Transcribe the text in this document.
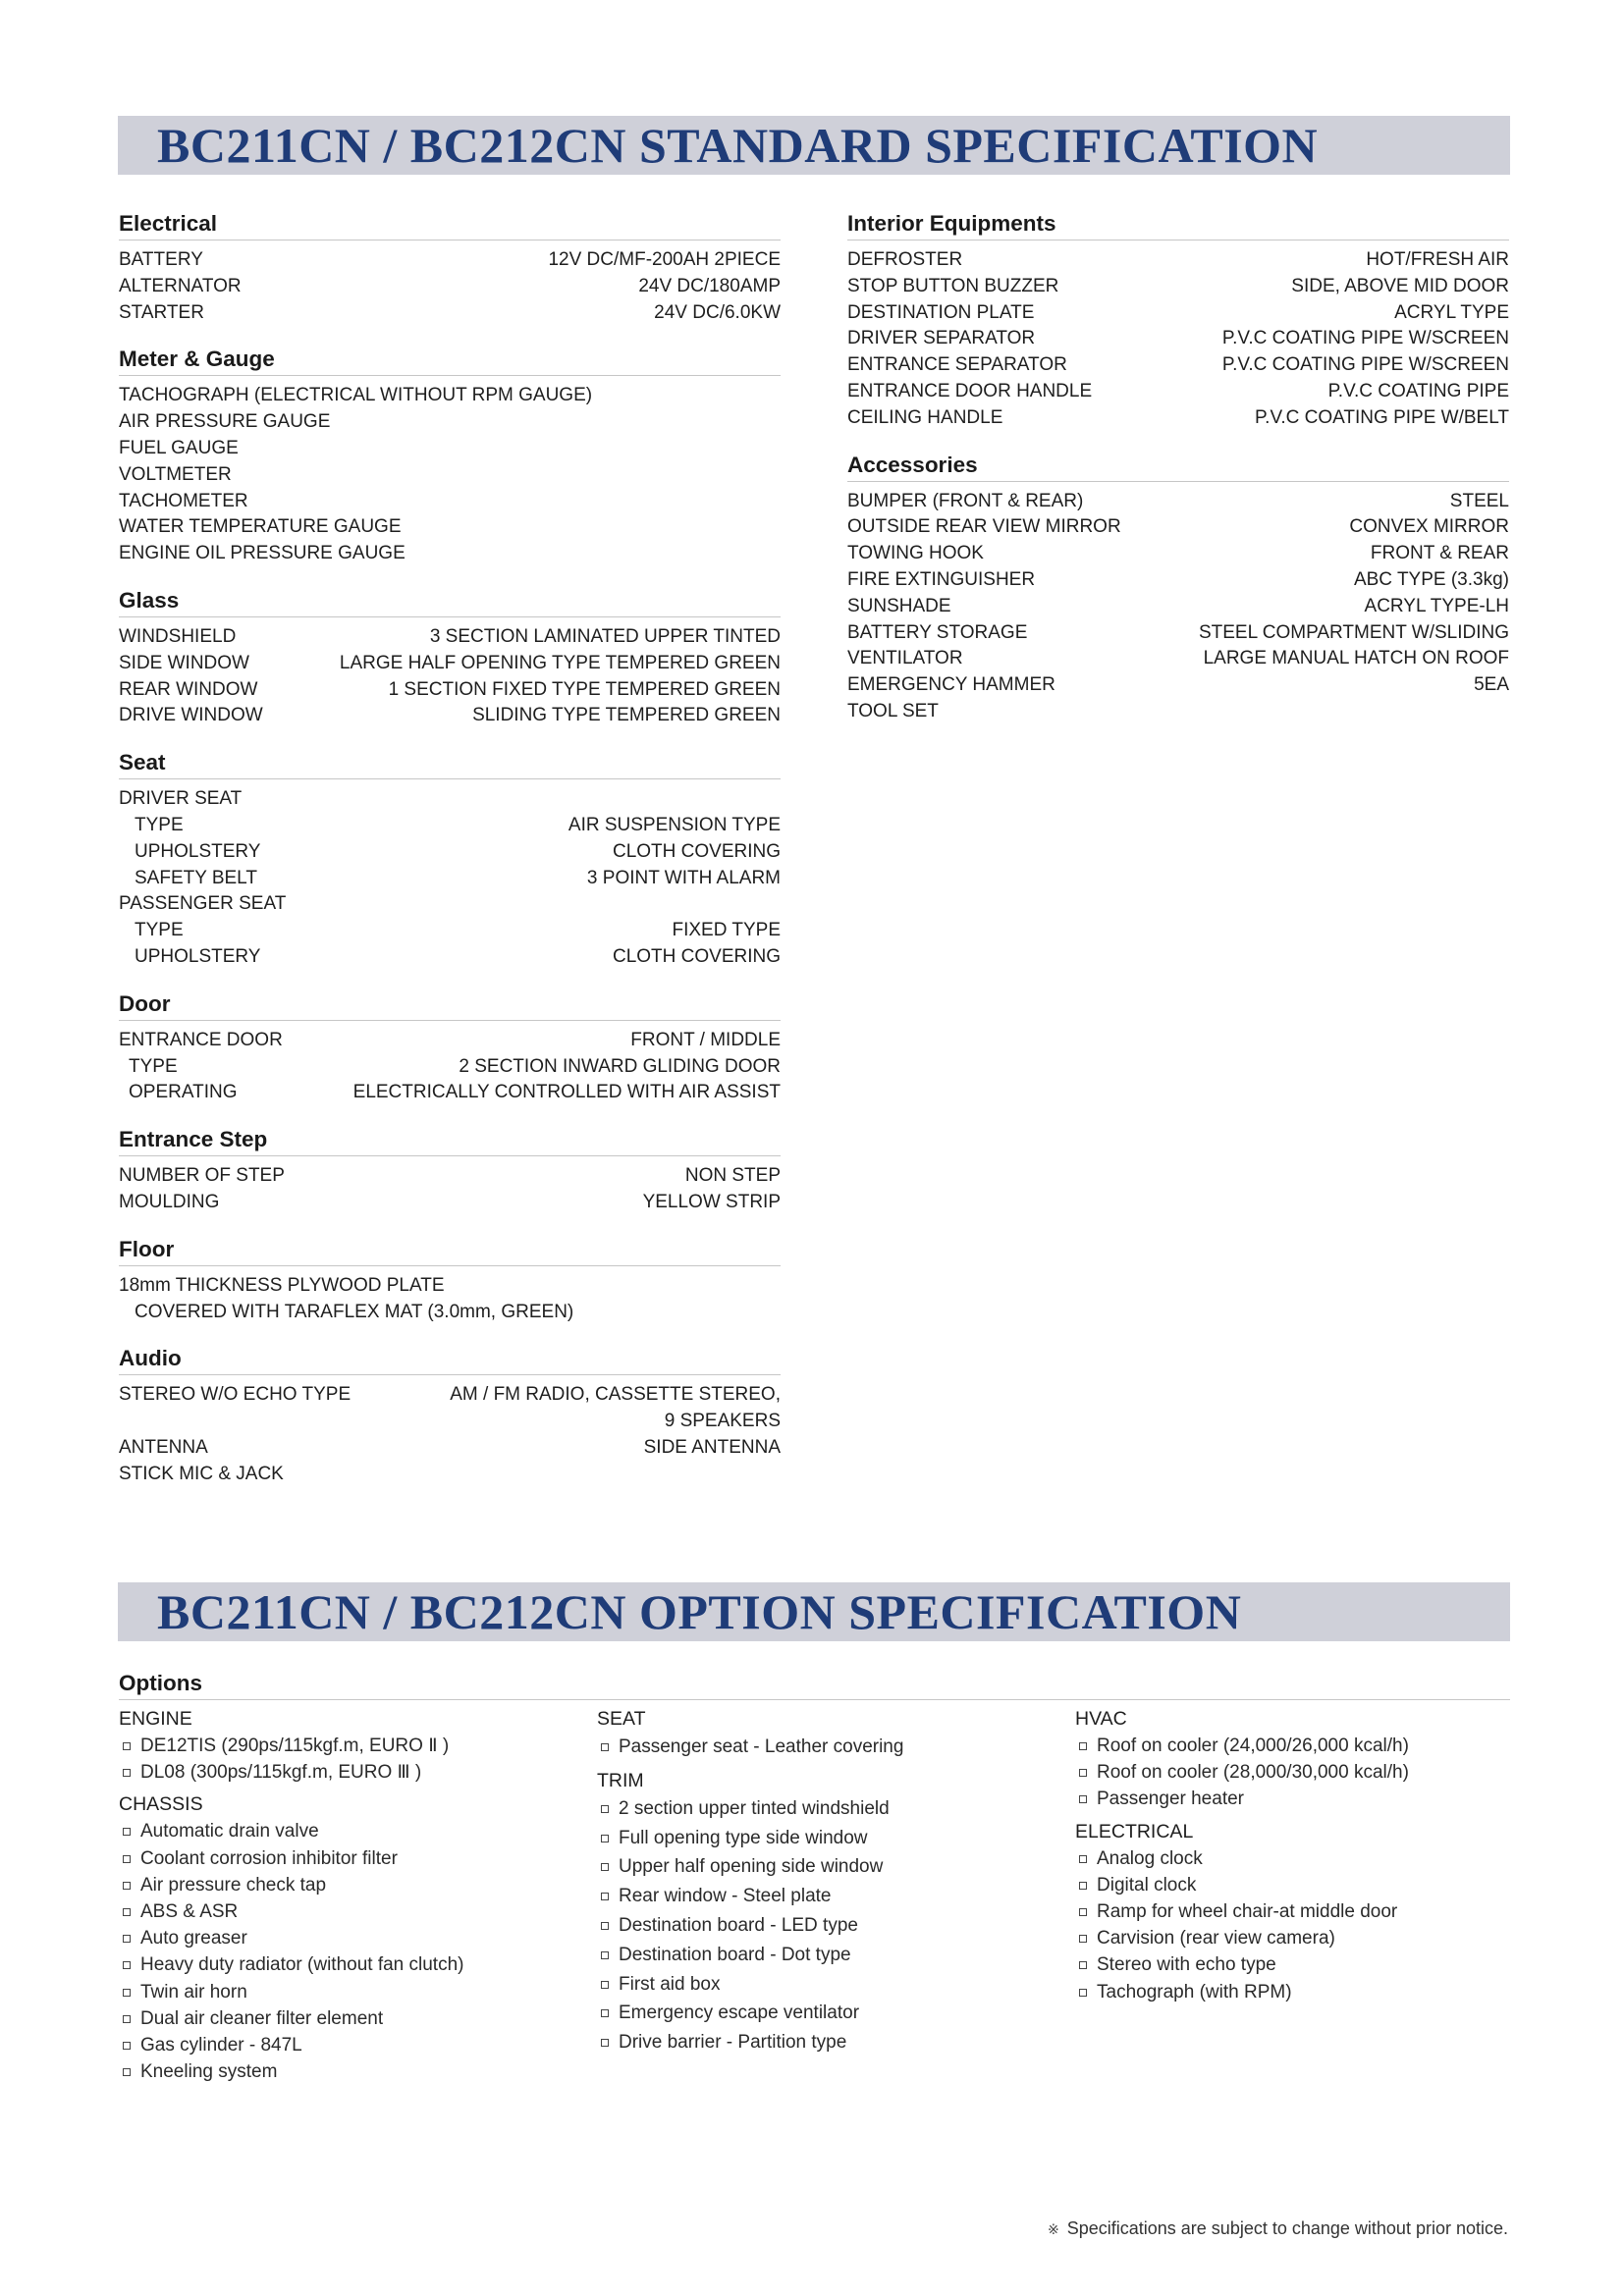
BC211CN / BC212CN STANDARD SPECIFICATION
Electrical
BATTERY	12V DC/MF-200AH 2PIECE
ALTERNATOR	24V DC/180AMP
STARTER	24V DC/6.0KW
Meter & Gauge
TACHOGRAPH (ELECTRICAL WITHOUT RPM GAUGE)
AIR PRESSURE GAUGE
FUEL GAUGE
VOLTMETER
TACHOMETER
WATER TEMPERATURE GAUGE
ENGINE OIL PRESSURE GAUGE
Glass
WINDSHIELD	3 SECTION LAMINATED UPPER TINTED
SIDE WINDOW	LARGE HALF OPENING TYPE TEMPERED GREEN
REAR WINDOW	1 SECTION FIXED TYPE TEMPERED GREEN
DRIVE WINDOW	SLIDING TYPE TEMPERED GREEN
Seat
DRIVER SEAT
TYPE	AIR SUSPENSION TYPE
UPHOLSTERY	CLOTH COVERING
SAFETY BELT	3 POINT WITH ALARM
PASSENGER SEAT
TYPE	FIXED TYPE
UPHOLSTERY	CLOTH COVERING
Door
ENTRANCE DOOR	FRONT / MIDDLE
TYPE	2 SECTION INWARD GLIDING DOOR
OPERATING	ELECTRICALLY CONTROLLED WITH AIR ASSIST
Entrance Step
NUMBER OF STEP	NON STEP
MOULDING	YELLOW STRIP
Floor
18mm THICKNESS PLYWOOD PLATE
COVERED WITH TARAFLEX MAT (3.0mm, GREEN)
Audio
STEREO W/O ECHO TYPE	AM / FM RADIO, CASSETTE STEREO,
9 SPEAKERS
ANTENNA	SIDE ANTENNA
STICK MIC & JACK
Interior Equipments
DEFROSTER	HOT/FRESH AIR
STOP BUTTON BUZZER	SIDE, ABOVE MID DOOR
DESTINATION PLATE	ACRYL TYPE
DRIVER SEPARATOR	P.V.C COATING PIPE W/SCREEN
ENTRANCE SEPARATOR	P.V.C COATING PIPE W/SCREEN
ENTRANCE DOOR HANDLE	P.V.C COATING PIPE
CEILING HANDLE	P.V.C COATING PIPE W/BELT
Accessories
BUMPER (FRONT & REAR)	STEEL
OUTSIDE REAR VIEW MIRROR	CONVEX MIRROR
TOWING HOOK	FRONT & REAR
FIRE EXTINGUISHER	ABC TYPE (3.3kg)
SUNSHADE	ACRYL TYPE-LH
BATTERY STORAGE	STEEL COMPARTMENT W/SLIDING
VENTILATOR	LARGE MANUAL HATCH ON ROOF
EMERGENCY HAMMER	5EA
TOOL SET
BC211CN / BC212CN OPTION SPECIFICATION
Options
ENGINE
DE12TIS (290ps/115kgf.m, EURO Ⅱ )
DL08 (300ps/115kgf.m, EURO Ⅲ )
CHASSIS
Automatic drain valve
Coolant corrosion inhibitor filter
Air pressure check tap
ABS & ASR
Auto greaser
Heavy duty radiator (without fan clutch)
Twin air horn
Dual air cleaner filter element
Gas cylinder - 847L
Kneeling system
SEAT
Passenger seat - Leather covering
TRIM
2 section upper tinted windshield
Full opening type side window
Upper half opening side window
Rear window - Steel plate
Destination board - LED type
Destination board - Dot type
First aid box
Emergency escape ventilator
Drive barrier - Partition type
HVAC
Roof on cooler (24,000/26,000 kcal/h)
Roof on cooler (28,000/30,000 kcal/h)
Passenger heater
ELECTRICAL
Analog clock
Digital clock
Ramp for wheel chair-at middle door
Carvision (rear view camera)
Stereo with echo type
Tachograph (with RPM)
※ Specifications are subject to change without prior notice.
